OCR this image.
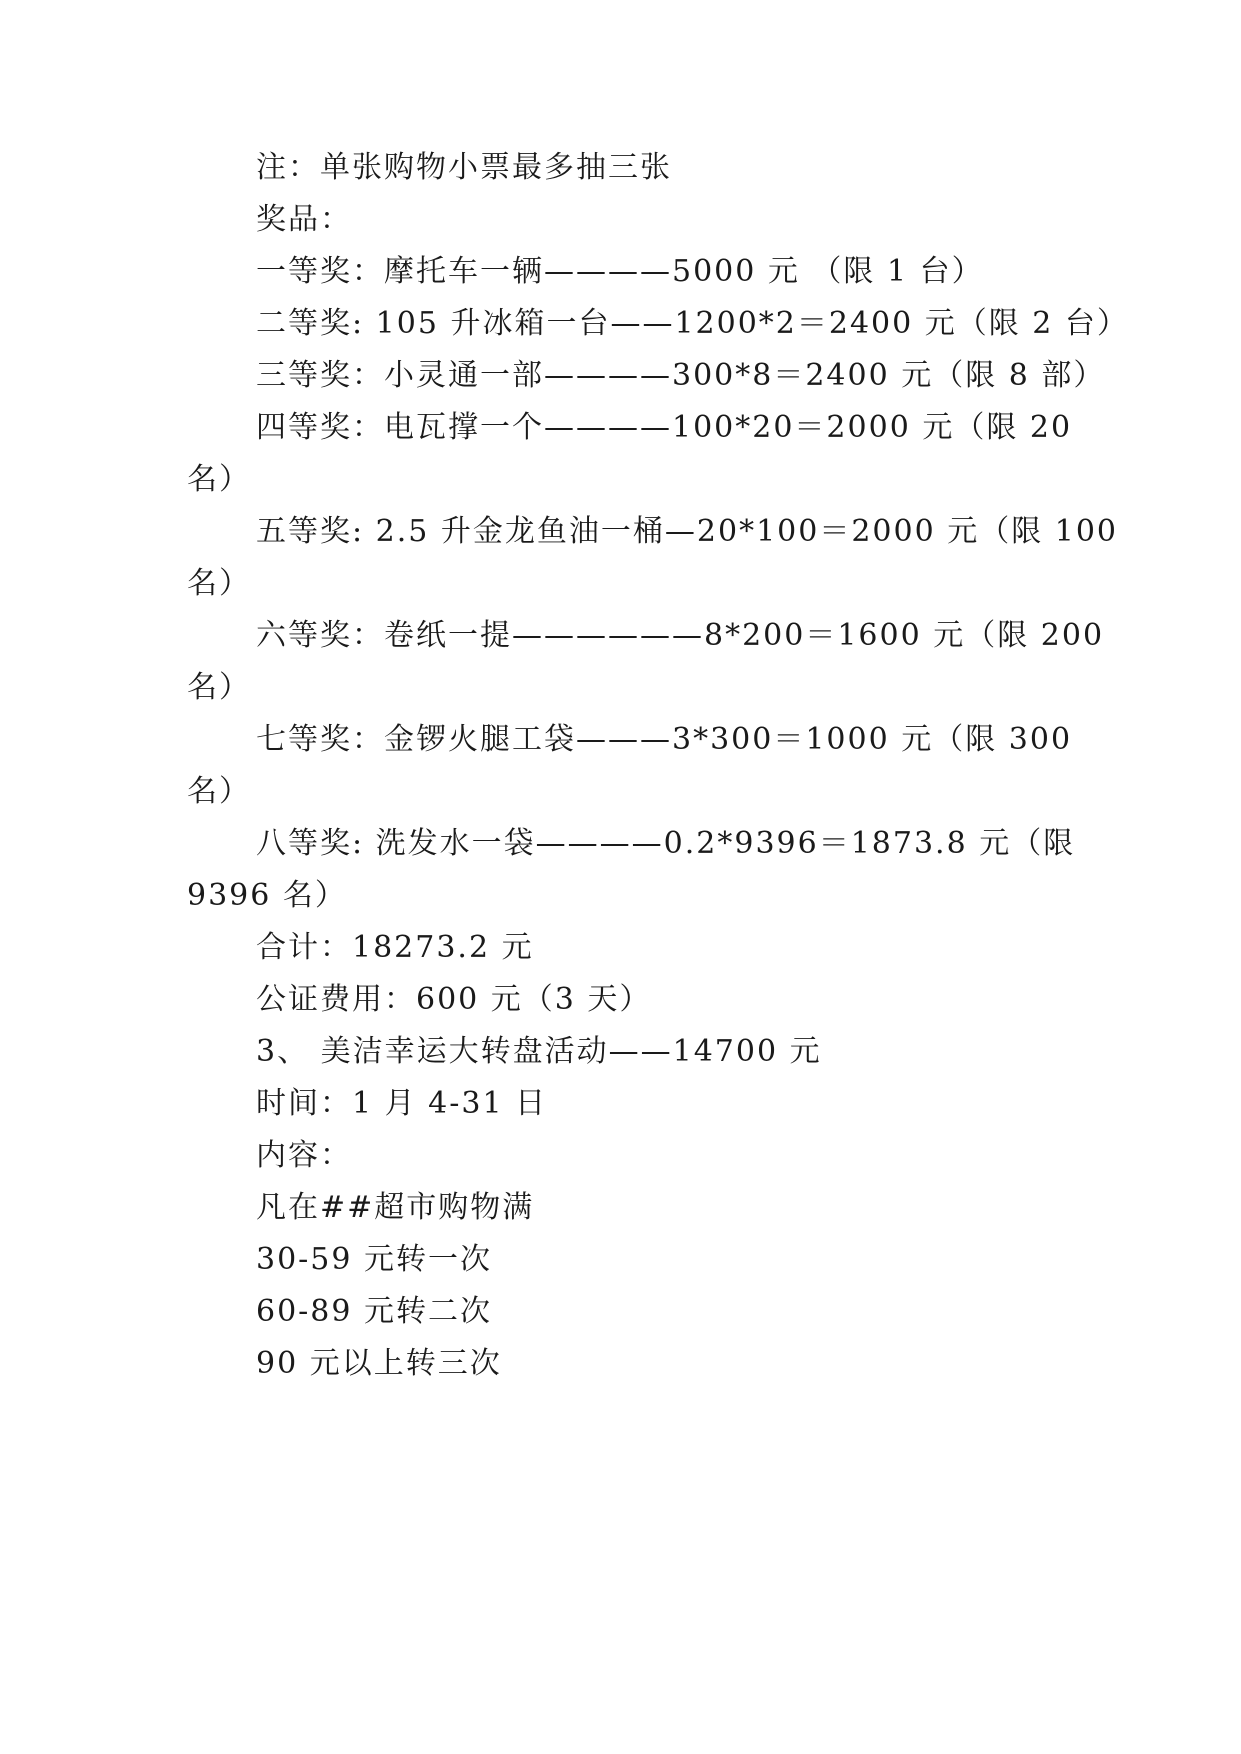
注：单张购物小票最多抽三张
奖品：
一等奖：摩托车一辆————5000 元 （限 1 台）
二等奖: 105 升冰箱一台——1200*2＝2400 元（限 2 台）
三等奖：小灵通一部————300*8＝2400 元（限 8 部）
四等奖：电瓦撑一个————100*20＝2000 元（限 20
名）
五等奖: 2.5 升金龙鱼油一桶—20*100＝2000 元（限 100
名）
六等奖：卷纸一提——————8*200＝1600 元（限 200
名）
七等奖：金锣火腿工袋———3*300＝1000 元（限 300
名）
八等奖: 洗发水一袋————0.2*9396＝1873.8 元（限
9396 名）
合计：18273.2 元
公证费用：600 元（3 天）
3、 美洁幸运大转盘活动——14700 元
时间：1 月 4-31 日
内容：
凡在##超市购物满
30-59 元转一次
60-89 元转二次
90 元以上转三次
